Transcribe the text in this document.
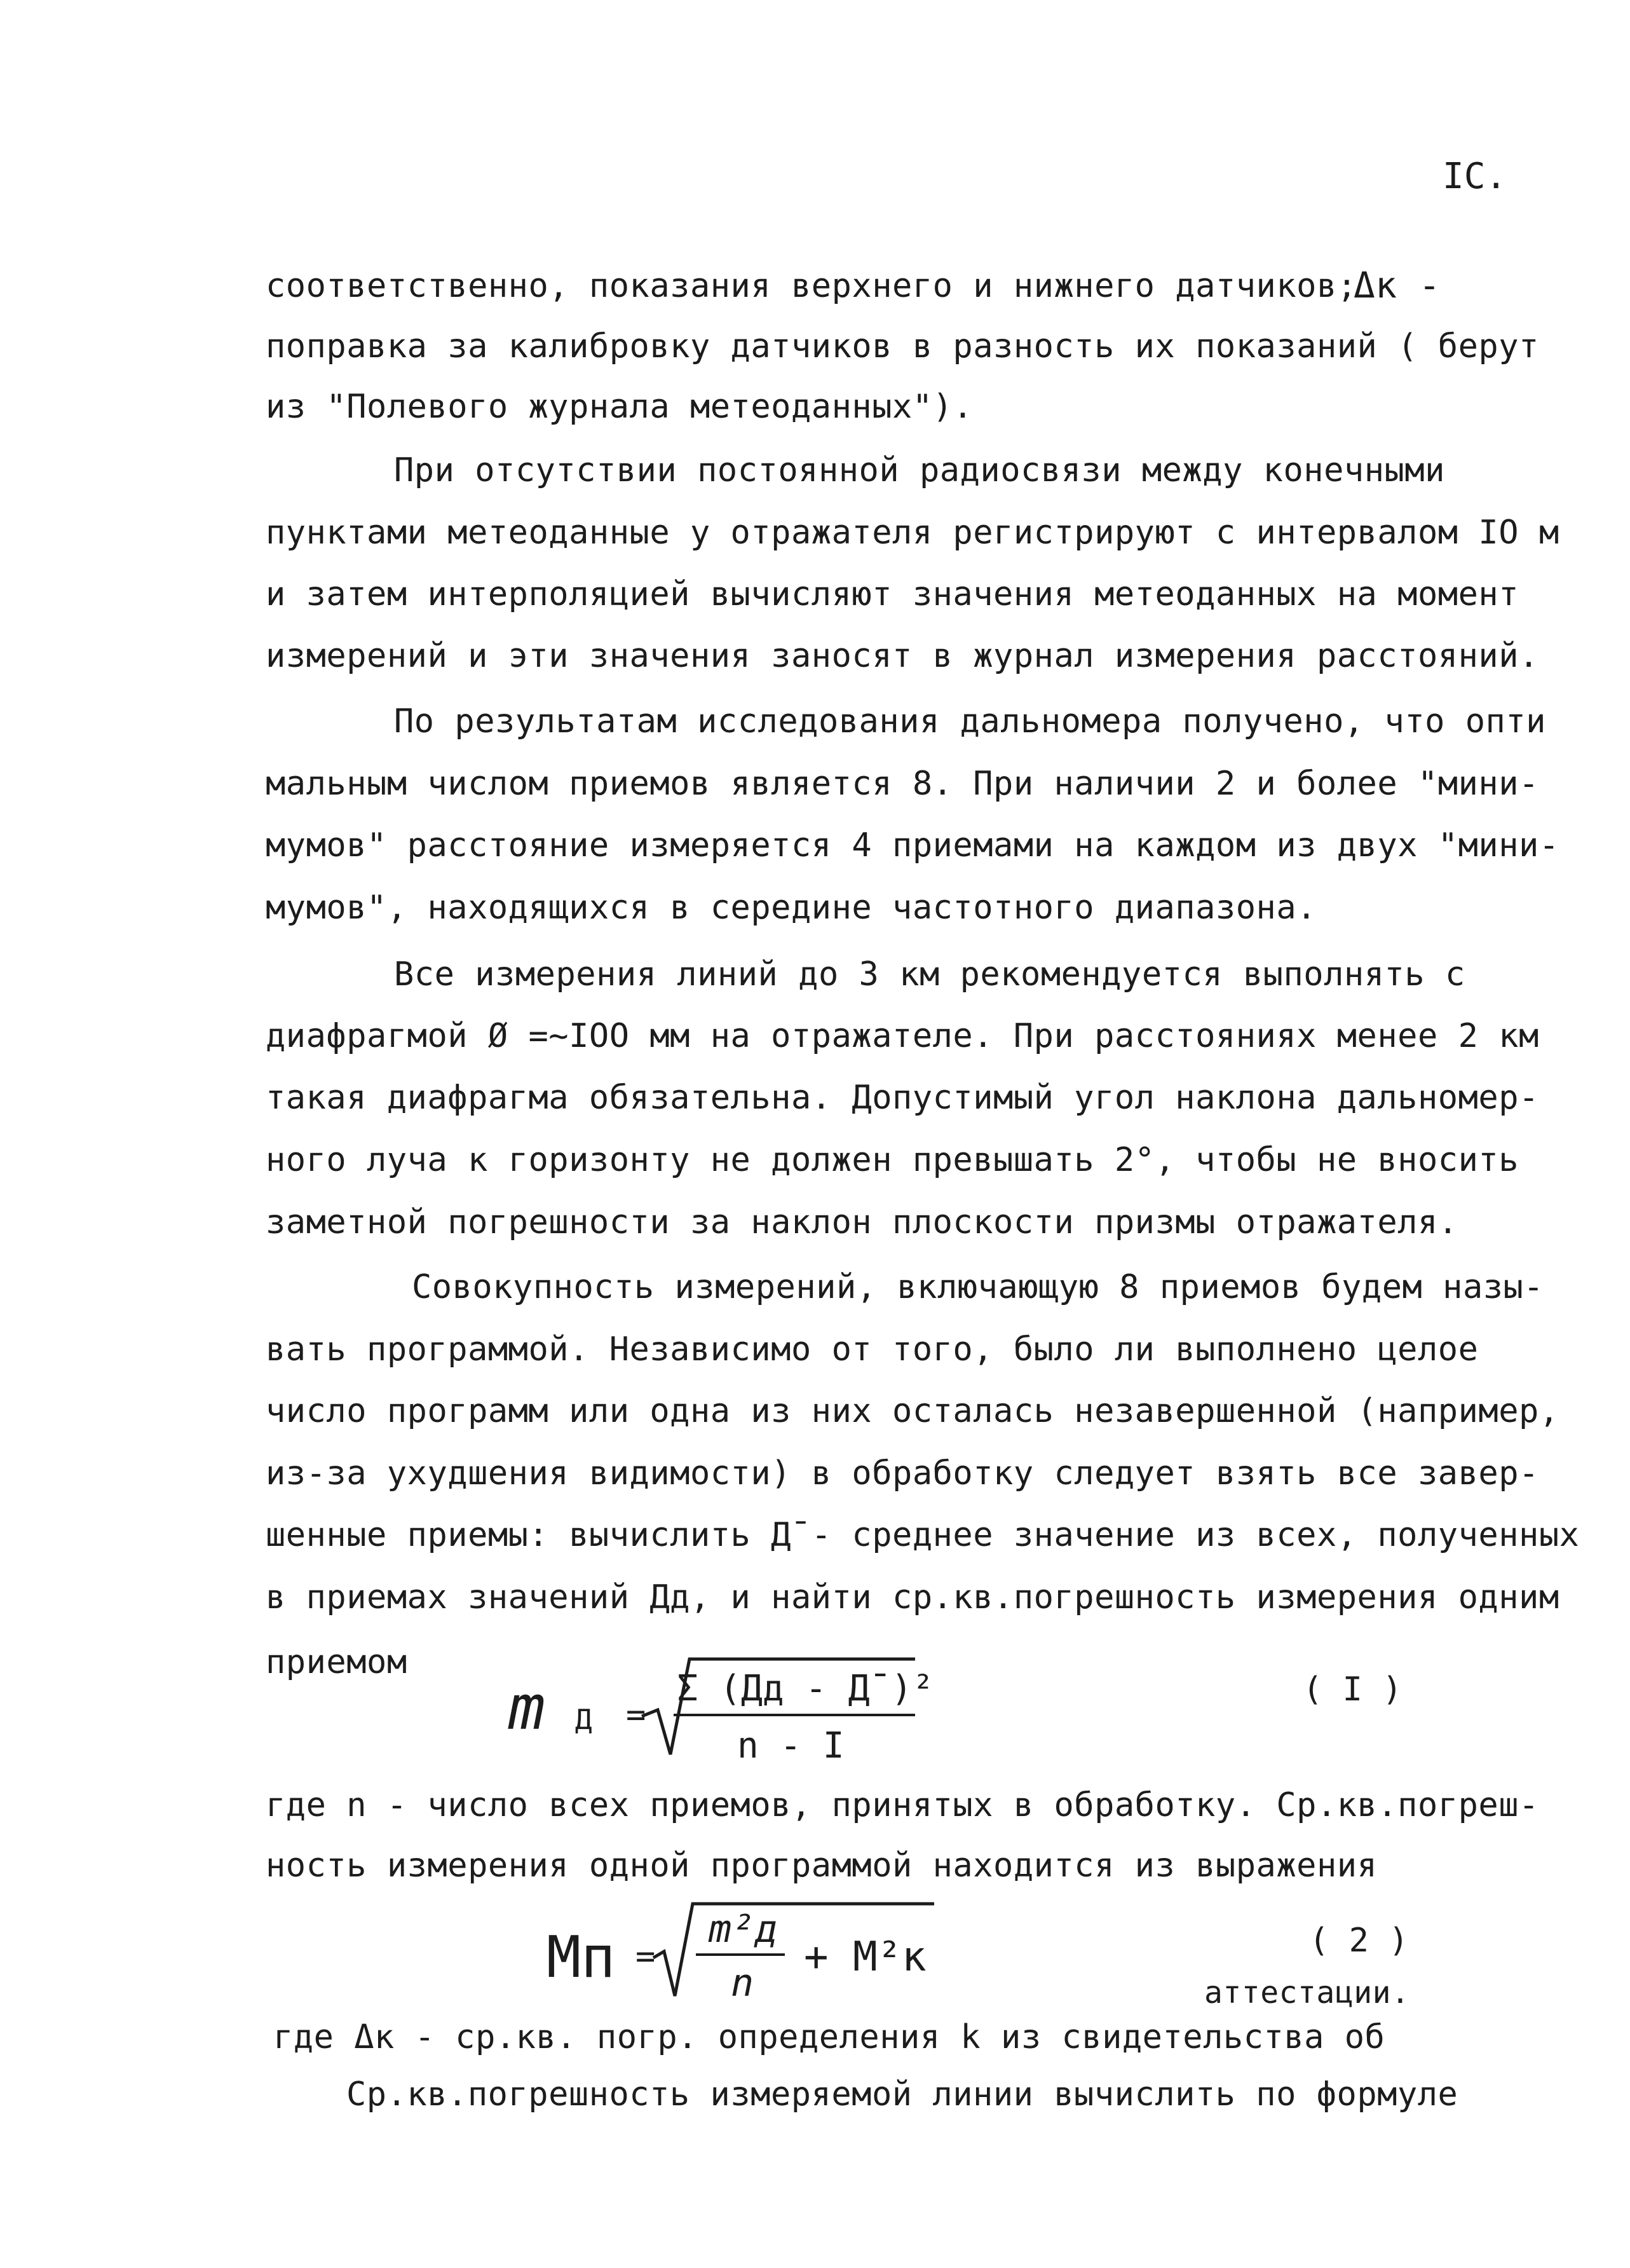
IC.
соответственно, показания верхнего и нижнего датчиков;
Δк -
поправка за калибровку датчиков в разность их показаний ( берут
из "Полевого журнала метеоданных").
При отсутствии постоянной радиосвязи между конечными
пунктами метеоданные у отражателя регистрируют с интервалом IO м
и затем интерполяцией вычисляют значения метеоданных на момент
измерений и эти значения заносят в журнал измерения расстояний.
По результатам исследования дальномера получено, что опти
мальным числом приемов является 8. При наличии 2 и более "мини-
мумов" расстояние измеряется 4 приемами на каждом из двух "мини-
мумов", находящихся в середине частотного диапазона.
Все измерения линий до 3 км рекомендуется выполнять с
диафрагмой Ø =~IOO мм на отражателе. При расстояниях менее 2 км
такая диафрагма обязательна. Допустимый угол наклона дальномер-
ного луча к горизонту не должен превышать 2°, чтобы не вносить
заметной погрешности за наклон плоскости призмы отражателя.
Совокупность измерений, включающую 8 приемов будем назы-
вать программой. Независимо от того, было ли выполнено целое
число программ или одна из них осталась незавершенной (например,
из-за ухудшения видимости) в обработку следует взять все завер-
шенные приемы: вычислить Д̄ - среднее значение из всех, полученных
в приемах значений Дд, и найти ср.кв.погрешность измерения одним
приемом
m Д =
Σ (Дд - Д̄ )²
n - I
( I )
где n - число всех приемов, принятых в обработку. Ср.кв.погреш-
ность измерения одной программой находится из выражения
Mп =
m²д
n
+ M²к	( 2 )
аттестации.
где Δк - ср.кв. погр. определения k из свидетельства об
Ср.кв.погрешность измеряемой линии вычислить по формуле
